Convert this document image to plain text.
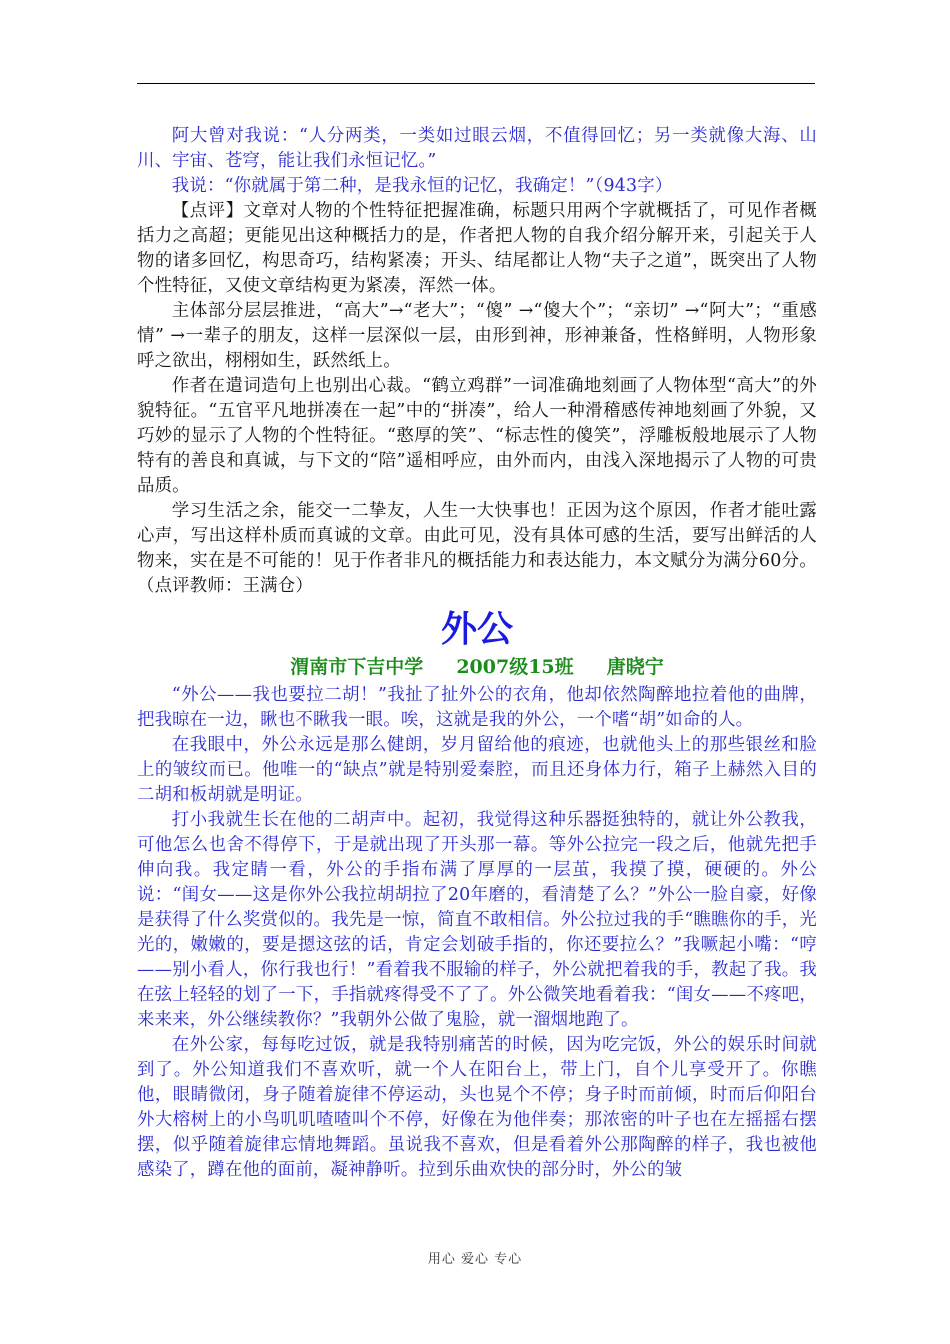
阿大曾对我说：“人分两类，一类如过眼云烟，不值得回忆；另一类就像大海、山川、宇宙、苍穹，能让我们永恒记忆。”

我说：“你就属于第二种，是我永恒的记忆，我确定！”（943字）

【点评】文章对人物的个性特征把握准确，标题只用两个字就概括了，可见作者概括力之高超；更能见出这种概括力的是，作者把人物的自我介绍分解开来，引起关于人物的诸多回忆，构思奇巧，结构紧凑；开头、结尾都让人物“夫子之道”，既突出了人物个性特征，又使文章结构更为紧凑，浑然一体。

主体部分层层推进，“高大”→“老大”；“傻” →“傻大个”；“亲切” →“阿大”；“重感情” →一辈子的朋友，这样一层深似一层，由形到神，形神兼备，性格鲜明，人物形象呼之欲出，栩栩如生，跃然纸上。

作者在遣词造句上也别出心裁。“鹤立鸡群”一词准确地刻画了人物体型“高大”的外貌特征。“五官平凡地拼凑在一起”中的“拼凑”，给人一种滑稽感传神地刻画了外貌，又巧妙的显示了人物的个性特征。“憨厚的笑”、“标志性的傻笑”，浮雕板般地展示了人物特有的善良和真诚，与下文的“陪”遥相呼应，由外而内，由浅入深地揭示了人物的可贵品质。

学习生活之余，能交一二挚友，人生一大快事也！正因为这个原因，作者才能吐露心声，写出这样朴质而真诚的文章。由此可见，没有具体可感的生活，要写出鲜活的人物来，实在是不可能的！见于作者非凡的概括能力和表达能力，本文赋分为满分60分。（点评教师：王满仓）

外公
渭南市下吉中学     2007级15班     唐晓宁

“外公——我也要拉二胡！”我扯了扯外公的衣角，他却依然陶醉地拉着他的曲牌，把我晾在一边，瞅也不瞅我一眼。唉，这就是我的外公，一个嗜“胡”如命的人。

在我眼中，外公永远是那么健朗，岁月留给他的痕迹，也就他头上的那些银丝和脸上的皱纹而已。他唯一的“缺点”就是特别爱秦腔，而且还身体力行，箱子上赫然入目的二胡和板胡就是明证。

打小我就生长在他的二胡声中。起初，我觉得这种乐器挺独特的，就让外公教我，可他怎么也舍不得停下，于是就出现了开头那一幕。等外公拉完一段之后，他就先把手伸向我。我定睛一看，外公的手指布满了厚厚的一层茧，我摸了摸，硬硬的。外公说：“闺女——这是你外公我拉胡胡拉了20年磨的，看清楚了么？”外公一脸自豪，好像是获得了什么奖赏似的。我先是一惊，简直不敢相信。外公拉过我的手“瞧瞧你的手，光光的，嫩嫩的，要是摁这弦的话，肯定会划破手指的，你还要拉么？”我噘起小嘴：“哼——别小看人，你行我也行！”看着我不服输的样子，外公就把着我的手，教起了我。我在弦上轻轻的划了一下，手指就疼得受不了了。外公微笑地看着我：“闺女——不疼吧，来来来，外公继续教你？”我朝外公做了鬼脸，就一溜烟地跑了。

在外公家，每每吃过饭，就是我特别痛苦的时候，因为吃完饭，外公的娱乐时间就到了。外公知道我们不喜欢听，就一个人在阳台上，带上门，自个儿享受开了。你瞧他，眼睛微闭，身子随着旋律不停运动，头也晃个不停；身子时而前倾，时而后仰阳台外大榕树上的小鸟叽叽喳喳叫个不停，好像在为他伴奏；那浓密的叶子也在左摇摇右摆摆，似乎随着旋律忘情地舞蹈。虽说我不喜欢，但是看着外公那陶醉的样子，我也被他感染了，蹲在他的面前，凝神静听。拉到乐曲欢快的部分时，外公的皱

用心 爱心 专心
